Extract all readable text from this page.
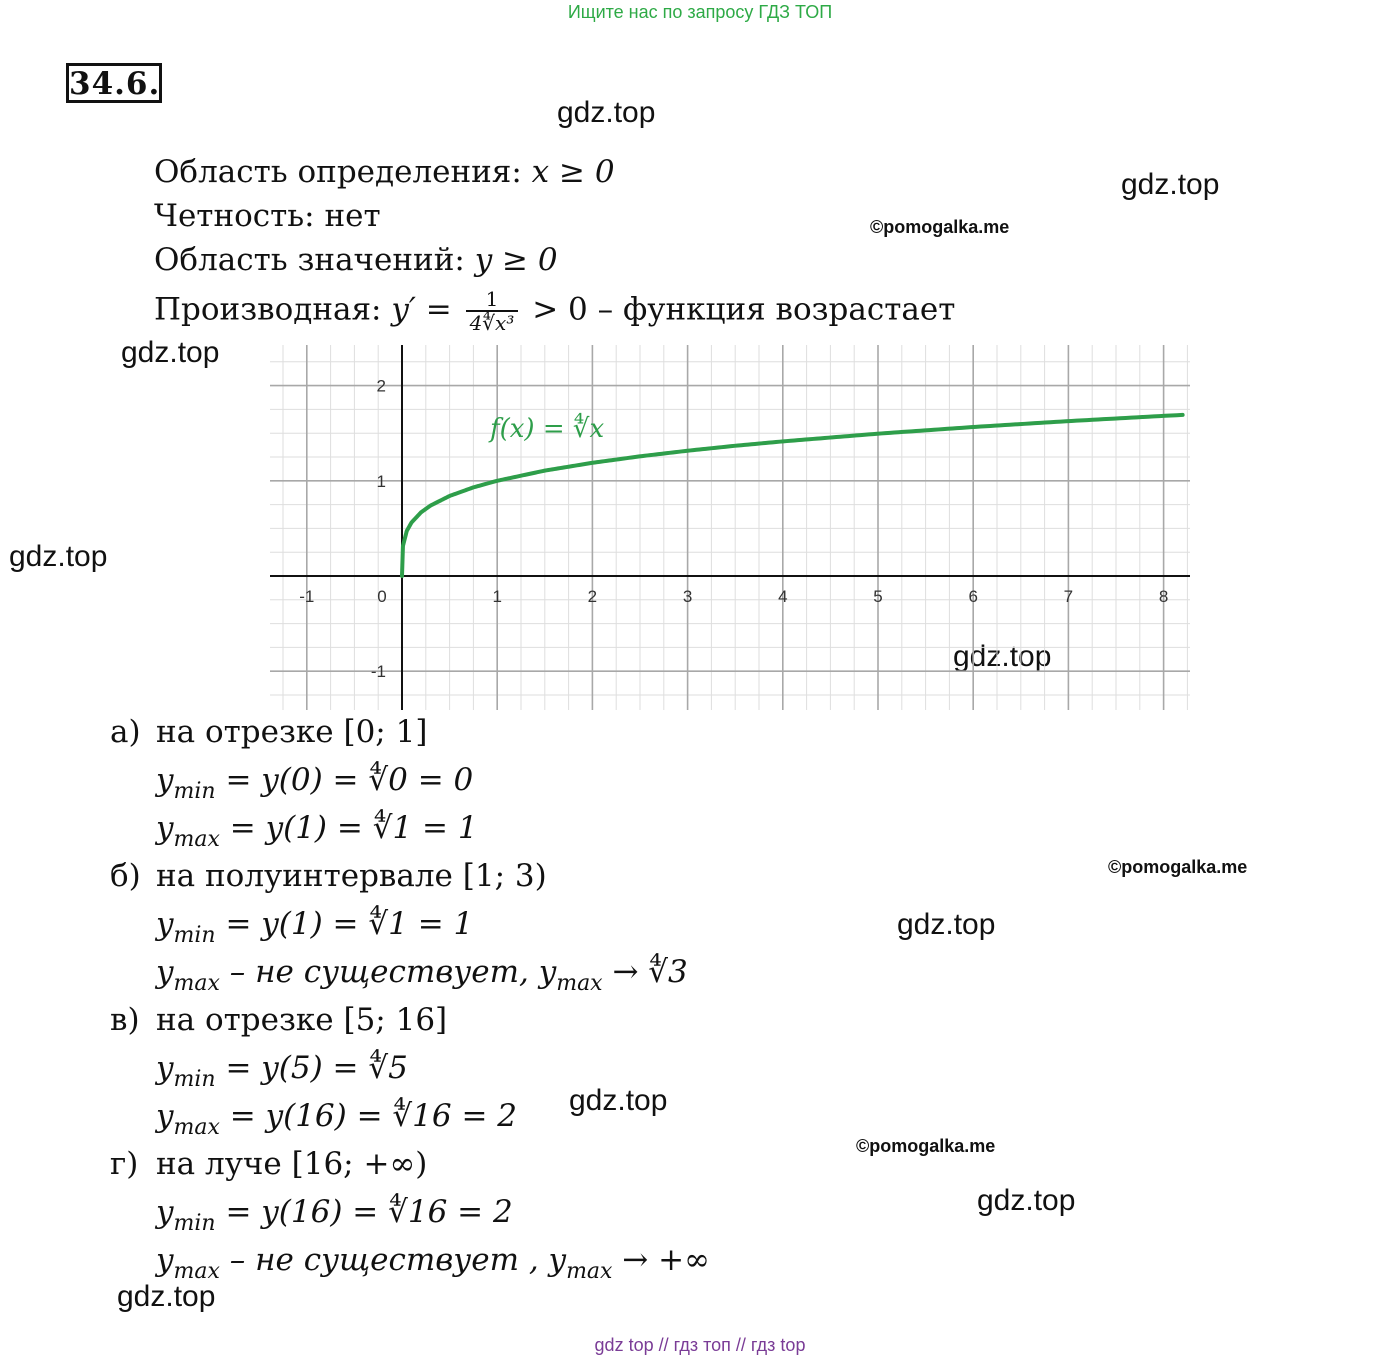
Ищите нас по запросу ГДЗ ТОП
34.6.
gdz.top
gdz.top
gdz.top
gdz.top
gdz.top
gdz.top
gdz.top
gdz.top
gdz.top
©pomogalka.me
©pomogalka.me
©pomogalka.me
Область определения: x ≥ 0
Четность: нет
Область значений: y ≥ 0
Производная: $y' = \frac{1}{\text{4∜x³}} > 0$ – функция возрастает
-1	0	1	2	3	4	5	6	7	8
2
1
-1
f(x) = ∜x
а) на отрезке [0; 1]
$y_{min} = y(0)$ = ∜0 = 0
$y_{max} = y(1)$ = ∜1 = 1
б) на полуинтервале [1; 3)
$y_{min} = y(1)$ = ∜1 = 1
$y_{max}$ – не существует, $y_{max}$ → ∜3
в) на отрезке [5; 16]
$y_{min} = y(5)$ = ∜5
$y_{max} = y(16)$ = ∜16 = 2
г) на луче [16; +∞)
$y_{min} = y(16)$ = ∜16 = 2
$y_{max}$ – не существует , $y_{max}$ → +∞
gdz top // гдз топ // гдз top
